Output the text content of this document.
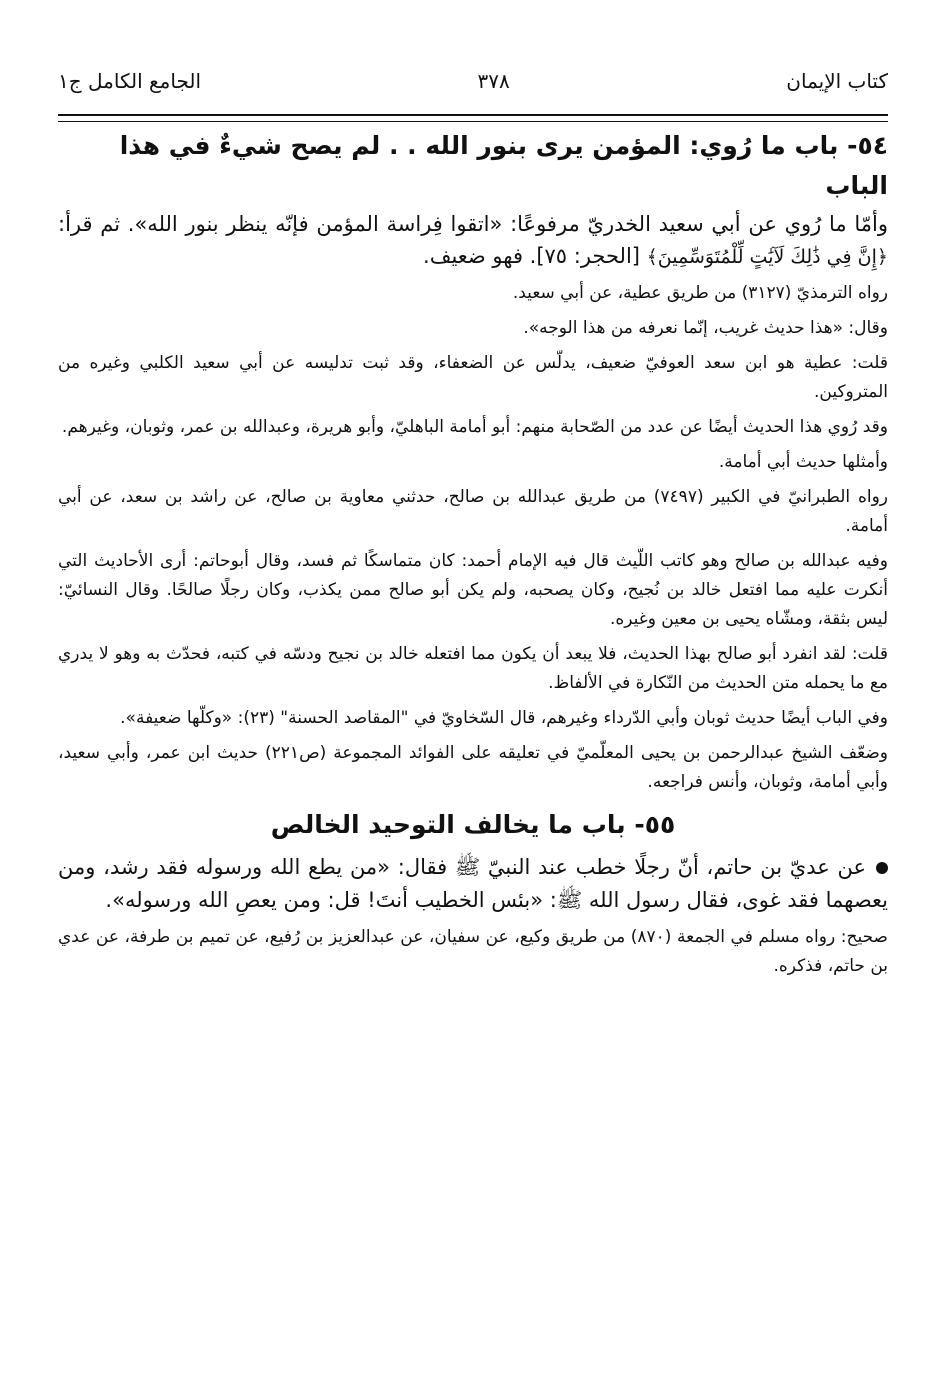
كتاب الإيمان
٣٧٨
الجامع الكامل ج١
٥٤- باب ما رُوي: المؤمن يرى بنور الله . . لم يصح شيءٌ في هذا الباب

وأمّا ما رُوي عن أبي سعيد الخدريّ مرفوعًا: «اتقوا فِراسة المؤمن فإنّه ينظر بنور الله». ثم قرأ: ﴿إِنَّ فِي ذَٰلِكَ لَآيَٰتٍ لِّلْمُتَوَسِّمِينَ﴾ [الحجر: ٧٥]. فهو ضعيف.

رواه الترمذيّ (٣١٢٧) من طريق عطية، عن أبي سعيد.

وقال: «هذا حديث غريب، إنّما نعرفه من هذا الوجه».

قلت: عطية هو ابن سعد العوفيّ ضعيف، يدلّس عن الضعفاء، وقد ثبت تدليسه عن أبي سعيد الكلبي وغيره من المتروكين.

وقد رُوي هذا الحديث أيضًا عن عدد من الصّحابة منهم: أبو أمامة الباهليّ، وأبو هريرة، وعبدالله بن عمر، وثوبان، وغيرهم.

وأمثلها حديث أبي أمامة.

رواه الطبرانيّ في الكبير (٧٤٩٧) من طريق عبدالله بن صالح، حدثني معاوية بن صالح، عن راشد بن سعد، عن أبي أمامة.

وفيه عبدالله بن صالح وهو كاتب اللّيث قال فيه الإمام أحمد: كان متماسكًا ثم فسد، وقال أبوحاتم: أرى الأحاديث التي أنكرت عليه مما افتعل خالد بن نُجيح، وكان يصحبه، ولم يكن أبو صالح ممن يكذب، وكان رجلًا صالحًا. وقال النسائيّ: ليس بثقة، ومشّاه يحيى بن معين وغيره.

قلت: لقد انفرد أبو صالح بهذا الحديث، فلا يبعد أن يكون مما افتعله خالد بن نجيح ودسّه في كتبه، فحدّث به وهو لا يدري مع ما يحمله متن الحديث من النّكارة في الألفاظ.

وفي الباب أيضًا حديث ثوبان وأبي الدّرداء وغيرهم، قال السّخاويّ في "المقاصد الحسنة" (٢٣): «وكلّها ضعيفة».

وضعّف الشيخ عبدالرحمن بن يحيى المعلّميّ في تعليقه على الفوائد المجموعة (ص٢٢١) حديث ابن عمر، وأبي سعيد، وأبي أمامة، وثوبان، وأنس فراجعه.

٥٥- باب ما يخالف التوحيد الخالص

عن عديّ بن حاتم، أنّ رجلًا خطب عند النبيّ ﷺ فقال: «من يطع الله ورسوله فقد رشد، ومن يعصهما فقد غوى، فقال رسول الله ﷺ: «بئس الخطيب أنتَ! قل: ومن يعصِ الله ورسوله».

صحيح: رواه مسلم في الجمعة (٨٧٠) من طريق وكيع، عن سفيان، عن عبدالعزيز بن رُفيع، عن تميم بن طرفة، عن عدي بن حاتم، فذكره.
